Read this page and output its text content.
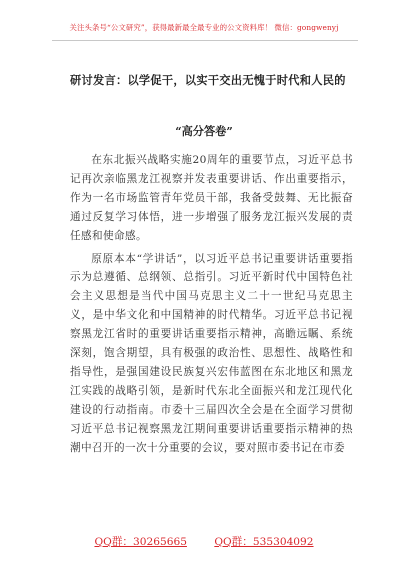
关注头条号“公文研究”，获得最新最全最专业的公文资料库！ 微信：gongwenyj
研讨发言：以学促干，以实干交出无愧于时代和人民的
“高分答卷”

在东北振兴战略实施20周年的重要节点，习近平总书记再次亲临黑龙江视察并发表重要讲话、作出重要指示，作为一名市场监管青年党员干部，我备受鼓舞、无比振奋通过反复学习体悟，进一步增强了服务龙江振兴发展的责任感和使命感。

原原本本“学讲话”，以习近平总书记重要讲话重要指示为总遵循、总纲领、总指引。习近平新时代中国特色社会主义思想是当代中国马克思主义二十一世纪马克思主义，是中华文化和中国精神的时代精华。习近平总书记视察黑龙江省时的重要讲话重要指示精神，高瞻远瞩、系统深刻，饱含期望，具有极强的政治性、思想性、战略性和指导性，是强国建设民族复兴宏伟蓝图在东北地区和黑龙江实践的战略引领，是新时代东北全面振兴和龙江现代化建设的行动指南。市委十三届四次全会是在全面学习贯彻习近平总书记视察黑龙江期间重要讲话重要指示精神的热潮中召开的一次十分重要的会议，要对照市委书记在市委

QQ群：30265665	QQ群：535304092
